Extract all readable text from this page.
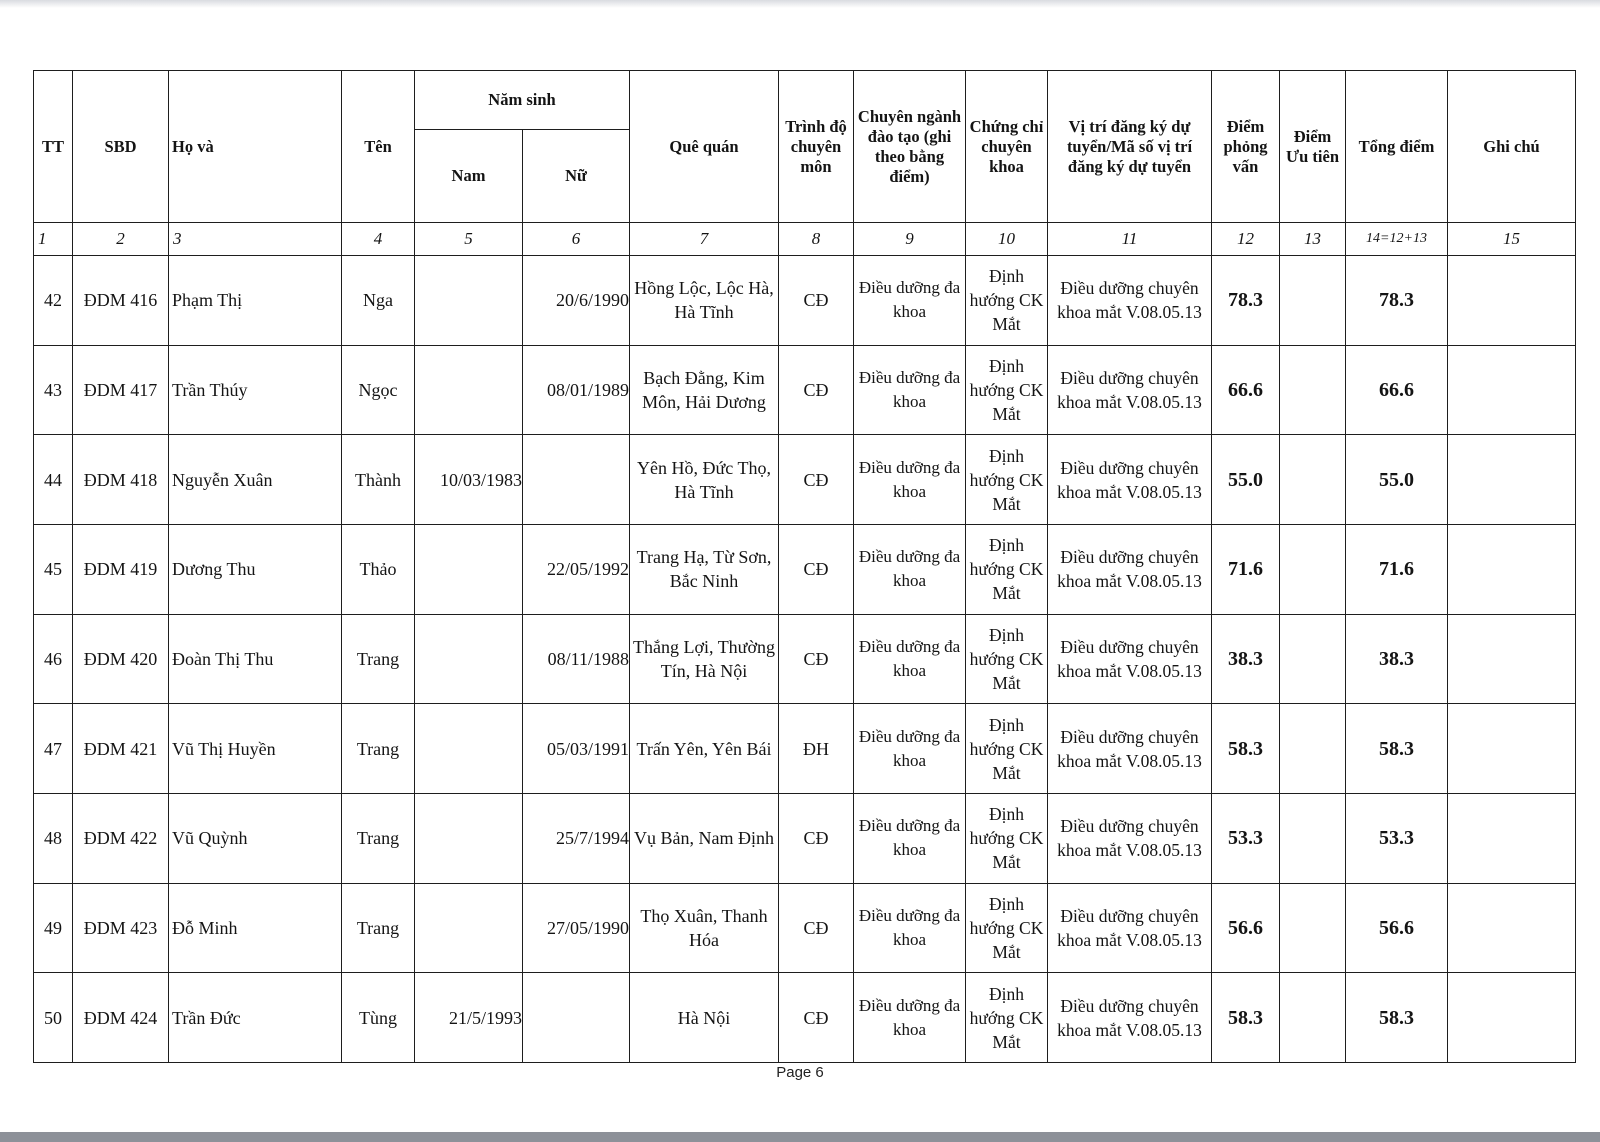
TT	SBD	Họ và	Tên	Năm sinh		Quê quán	Trình độ chuyên môn	Chuyên ngành đào tạo (ghi theo bằng điểm)	Chứng chỉ chuyên khoa	Vị trí đăng ký dự tuyển/Mã số vị trí đăng ký dự tuyển	Điểm phỏng vấn	Điểm Ưu tiên	Tổng điểm	Ghi chú
				Nam	Nữ									
1	2	3	4	5	6	7	8	9	10	11	12	13	14=12+13	15
42	ĐDM 416	Phạm Thị	Nga		20/6/1990	Hồng Lộc, Lộc Hà, Hà Tĩnh	CĐ	Điều dưỡng đa khoa	Định hướng CK Mắt	Điều dưỡng chuyên khoa mắt V.08.05.13	78.3		78.3	
43	ĐDM 417	Trần Thúy	Ngọc		08/01/1989	Bạch Đằng, Kim Môn, Hải Dương	CĐ	Điều dưỡng đa khoa	Định hướng CK Mắt	Điều dưỡng chuyên khoa mắt V.08.05.13	66.6		66.6	
44	ĐDM 418	Nguyễn Xuân	Thành	10/03/1983		Yên Hồ, Đức Thọ, Hà Tĩnh	CĐ	Điều dưỡng đa khoa	Định hướng CK Mắt	Điều dưỡng chuyên khoa mắt V.08.05.13	55.0		55.0	
45	ĐDM 419	Dương Thu	Thảo		22/05/1992	Trang Hạ, Từ Sơn, Bắc Ninh	CĐ	Điều dưỡng đa khoa	Định hướng CK Mắt	Điều dưỡng chuyên khoa mắt V.08.05.13	71.6		71.6	
46	ĐDM 420	Đoàn Thị Thu	Trang		08/11/1988	Thắng Lợi, Thường Tín, Hà Nội	CĐ	Điều dưỡng đa khoa	Định hướng CK Mắt	Điều dưỡng chuyên khoa mắt V.08.05.13	38.3		38.3	
47	ĐDM 421	Vũ Thị Huyền	Trang		05/03/1991	Trấn Yên, Yên Bái	ĐH	Điều dưỡng đa khoa	Định hướng CK Mắt	Điều dưỡng chuyên khoa mắt V.08.05.13	58.3		58.3	
48	ĐDM 422	Vũ Quỳnh	Trang		25/7/1994	Vụ Bản, Nam Định	CĐ	Điều dưỡng đa khoa	Định hướng CK Mắt	Điều dưỡng chuyên khoa mắt V.08.05.13	53.3		53.3	
49	ĐDM 423	Đỗ Minh	Trang		27/05/1990	Thọ Xuân, Thanh Hóa	CĐ	Điều dưỡng đa khoa	Định hướng CK Mắt	Điều dưỡng chuyên khoa mắt V.08.05.13	56.6		56.6	
50	ĐDM 424	Trần Đức	Tùng	21/5/1993		Hà Nội	CĐ	Điều dưỡng đa khoa	Định hướng CK Mắt	Điều dưỡng chuyên khoa mắt V.08.05.13	58.3		58.3	
Page 6
